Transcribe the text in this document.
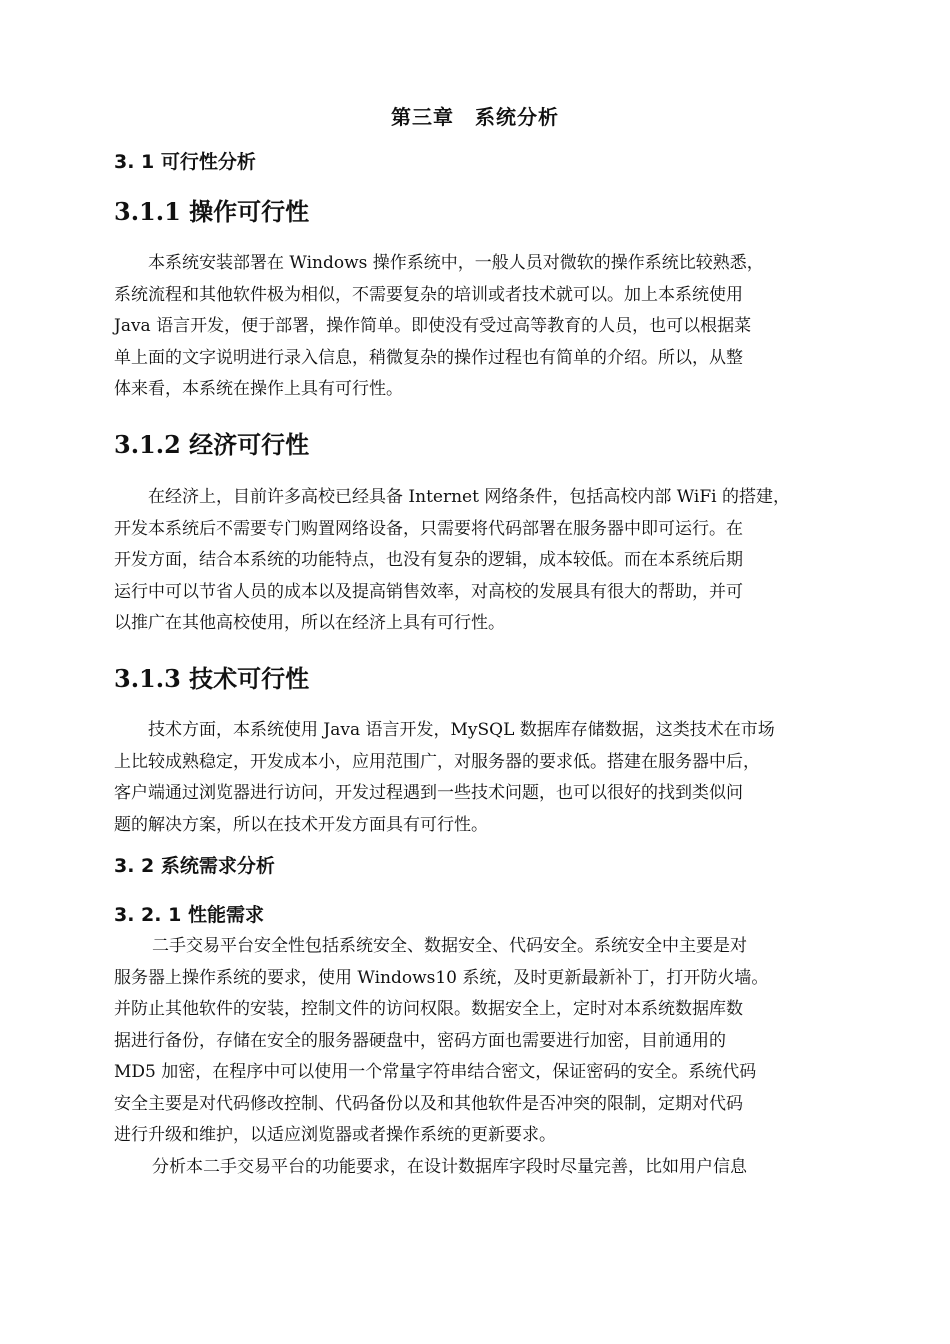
第三章　系统分析
3. 1 可行性分析
3.1.1 操作可行性
本系统安装部署在 Windows 操作系统中，一般人员对微软的操作系统比较熟悉，
系统流程和其他软件极为相似，不需要复杂的培训或者技术就可以。加上本系统使用
Java 语言开发，便于部署，操作简单。即使没有受过高等教育的人员，也可以根据菜
单上面的文字说明进行录入信息，稍微复杂的操作过程也有简单的介绍。所以，从整
体来看，本系统在操作上具有可行性。
3.1.2 经济可行性
在经济上，目前许多高校已经具备 Internet 网络条件，包括高校内部 WiFi 的搭建，
开发本系统后不需要专门购置网络设备，只需要将代码部署在服务器中即可运行。在
开发方面，结合本系统的功能特点，也没有复杂的逻辑，成本较低。而在本系统后期
运行中可以节省人员的成本以及提高销售效率，对高校的发展具有很大的帮助，并可
以推广在其他高校使用，所以在经济上具有可行性。
3.1.3 技术可行性
技术方面，本系统使用 Java 语言开发，MySQL 数据库存储数据，这类技术在市场
上比较成熟稳定，开发成本小，应用范围广，对服务器的要求低。搭建在服务器中后，
客户端通过浏览器进行访问，开发过程遇到一些技术问题，也可以很好的找到类似问
题的解决方案，所以在技术开发方面具有可行性。
3. 2 系统需求分析
3. 2. 1 性能需求
二手交易平台安全性包括系统安全、数据安全、代码安全。系统安全中主要是对
服务器上操作系统的要求，使用 Windows10 系统，及时更新最新补丁，打开防火墙。
并防止其他软件的安装，控制文件的访问权限。数据安全上，定时对本系统数据库数
据进行备份，存储在安全的服务器硬盘中，密码方面也需要进行加密，目前通用的
MD5 加密，在程序中可以使用一个常量字符串结合密文，保证密码的安全。系统代码
安全主要是对代码修改控制、代码备份以及和其他软件是否冲突的限制，定期对代码
进行升级和维护，以适应浏览器或者操作系统的更新要求。
分析本二手交易平台的功能要求，在设计数据库字段时尽量完善，比如用户信息
